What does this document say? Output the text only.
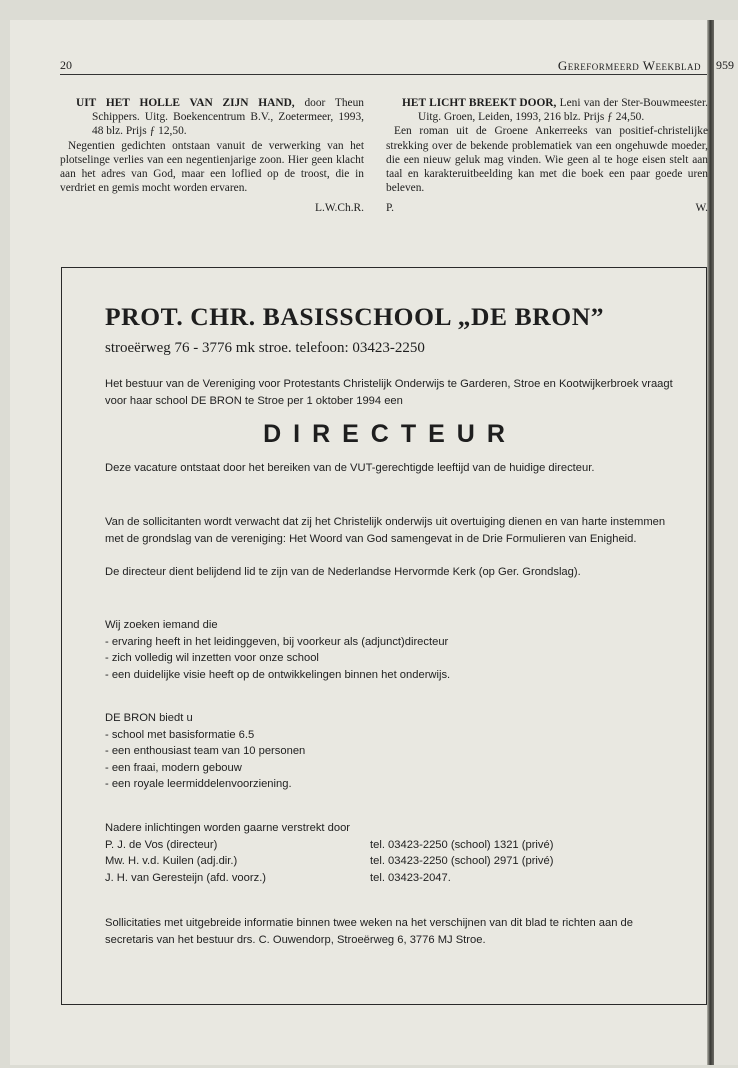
959
20	Gereformeerd Weekblad
UIT HET HOLLE VAN ZIJN HAND, door Theun Schippers. Uitg. Boekencentrum B.V., Zoetermeer, 1993, 48 blz. Prijs ƒ 12,50.
Negentien gedichten ontstaan vanuit de verwerking van het plotselinge verlies van een negentienjarige zoon. Hier geen klacht aan het adres van God, maar een loflied op de troost, die in verdriet en gemis mocht worden ervaren.
L.W.Ch.R.
HET LICHT BREEKT DOOR, Leni van der Ster-Bouwmeester. Uitg. Groen, Leiden, 1993, 216 blz. Prijs ƒ 24,50.
Een roman uit de Groene Ankerreeks van positief-christelijke strekking over de bekende problematiek van een ongehuwde moeder, die een nieuw geluk mag vinden. Wie geen al te hoge eisen stelt aan taal en karakteruitbeelding kan met die boek een paar goede uren beleven.
P.	W.
PROT. CHR. BASISSCHOOL „DE BRON”
stroeërweg 76 - 3776 mk stroe. telefoon: 03423-2250
Het bestuur van de Vereniging voor Protestants Christelijk Onderwijs te Garderen, Stroe en Kootwijkerbroek vraagt voor haar school DE BRON te Stroe per 1 oktober 1994 een
DIRECTEUR
Deze vacature ontstaat door het bereiken van de VUT-gerechtigde leeftijd van de huidige directeur.
Van de sollicitanten wordt verwacht dat zij het Christelijk onderwijs uit overtuiging dienen en van harte instemmen met de grondslag van de vereniging: Het Woord van God samengevat in de Drie Formulieren van Enigheid.
De directeur dient belijdend lid te zijn van de Nederlandse Hervormde Kerk (op Ger. Grondslag).
Wij zoeken iemand die
- ervaring heeft in het leidinggeven, bij voorkeur als (adjunct)directeur
- zich volledig wil inzetten voor onze school
- een duidelijke visie heeft op de ontwikkelingen binnen het onderwijs.
DE BRON biedt u
- school met basisformatie 6.5
- een enthousiast team van 10 personen
- een fraai, modern gebouw
- een royale leermiddelenvoorziening.
Nadere inlichtingen worden gaarne verstrekt door
P. J. de Vos (directeur)	tel. 03423-2250 (school) 1321 (privé)
Mw. H. v.d. Kuilen (adj.dir.)	tel. 03423-2250 (school) 2971 (privé)
J. H. van Geresteijn (afd. voorz.)	tel. 03423-2047.
Sollicitaties met uitgebreide informatie binnen twee weken na het verschijnen van dit blad te richten aan de secretaris van het bestuur drs. C. Ouwendorp, Stroeërweg 6, 3776 MJ Stroe.
